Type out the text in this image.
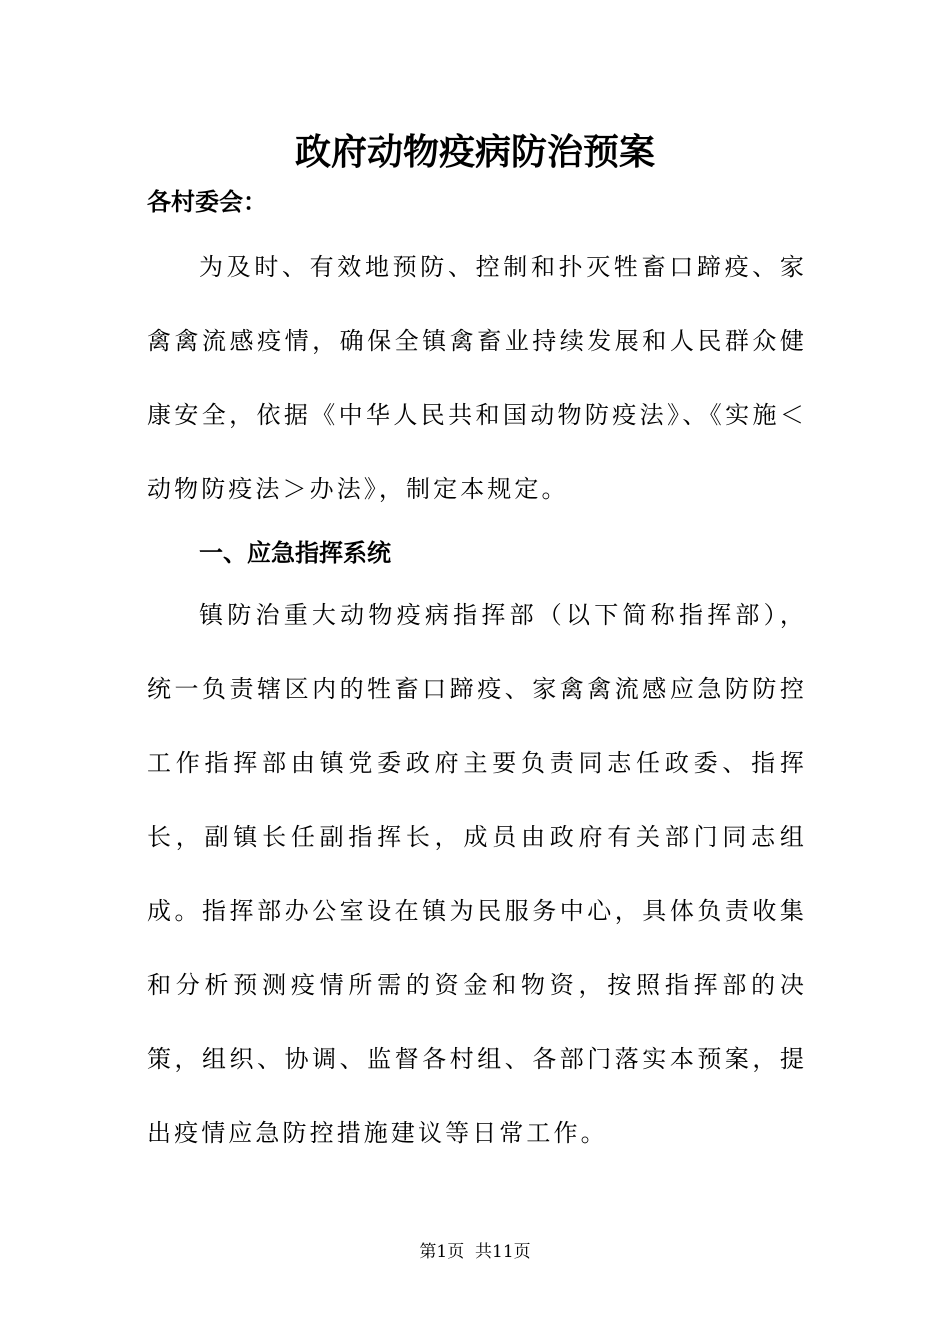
政府动物疫病防治预案
各村委会：

为及时、有效地预防、控制和扑灭牲畜口蹄疫、家禽禽流感疫情，确保全镇禽畜业持续发展和人民群众健康安全，依据《中华人民共和国动物防疫法》、《实施＜动物防疫法＞办法》，制定本规定。

一、应急指挥系统

镇防治重大动物疫病指挥部（以下简称指挥部），统一负责辖区内的牲畜口蹄疫、家禽禽流感应急防防控工作指挥部由镇党委政府主要负责同志任政委、指挥长，副镇长任副指挥长，成员由政府有关部门同志组成。指挥部办公室设在镇为民服务中心，具体负责收集和分析预测疫情所需的资金和物资，按照指挥部的决策，组织、协调、监督各村组、各部门落实本预案，提出疫情应急防控措施建议等日常工作。

第1页  共11页
